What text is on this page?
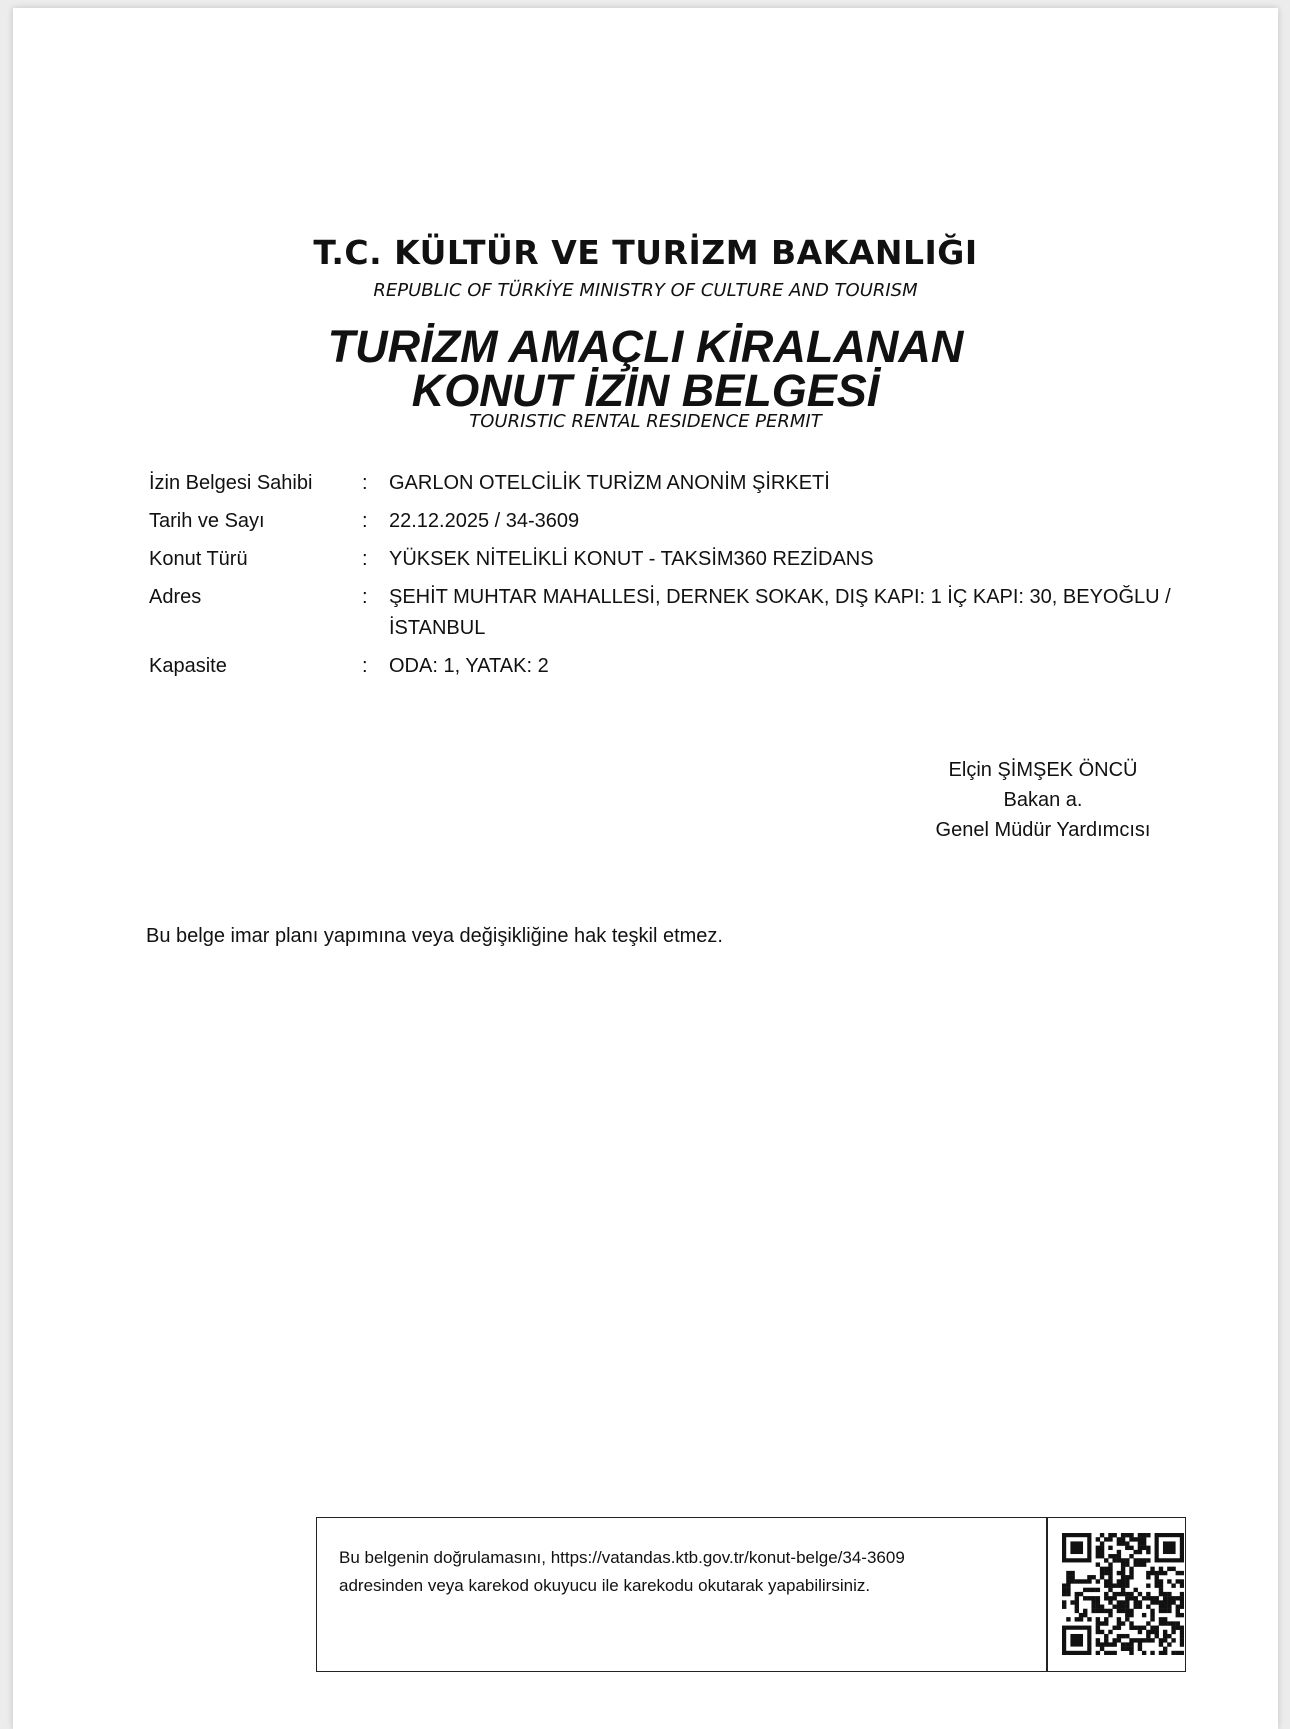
T.C. KÜLTÜR VE TURİZM BAKANLIĞI
REPUBLIC OF TÜRKİYE MINISTRY OF CULTURE AND TOURISM
TURİZM AMAÇLI KİRALANAN
KONUT İZİN BELGESİ
TOURISTIC RENTAL RESIDENCE PERMIT
İzin Belgesi Sahibi	:	GARLON OTELCİLİK TURİZM ANONİM ŞİRKETİ
Tarih ve Sayı	:	22.12.2025 / 34-3609
Konut Türü	:	YÜKSEK NİTELİKLİ KONUT - TAKSİM360 REZİDANS
Adres	:	ŞEHİT MUHTAR MAHALLESİ, DERNEK SOKAK, DIŞ KAPI: 1 İÇ KAPI: 30, BEYOĞLU / İSTANBUL
Kapasite	:	ODA: 1, YATAK: 2
Elçin ŞİMŞEK ÖNCÜ
Bakan a.
Genel Müdür Yardımcısı
Bu belge imar planı yapımına veya değişikliğine hak teşkil etmez.
Bu belgenin doğrulamasını, https://vatandas.ktb.gov.tr/konut-belge/34-3609
adresinden veya karekod okuyucu ile karekodu okutarak yapabilirsiniz.
